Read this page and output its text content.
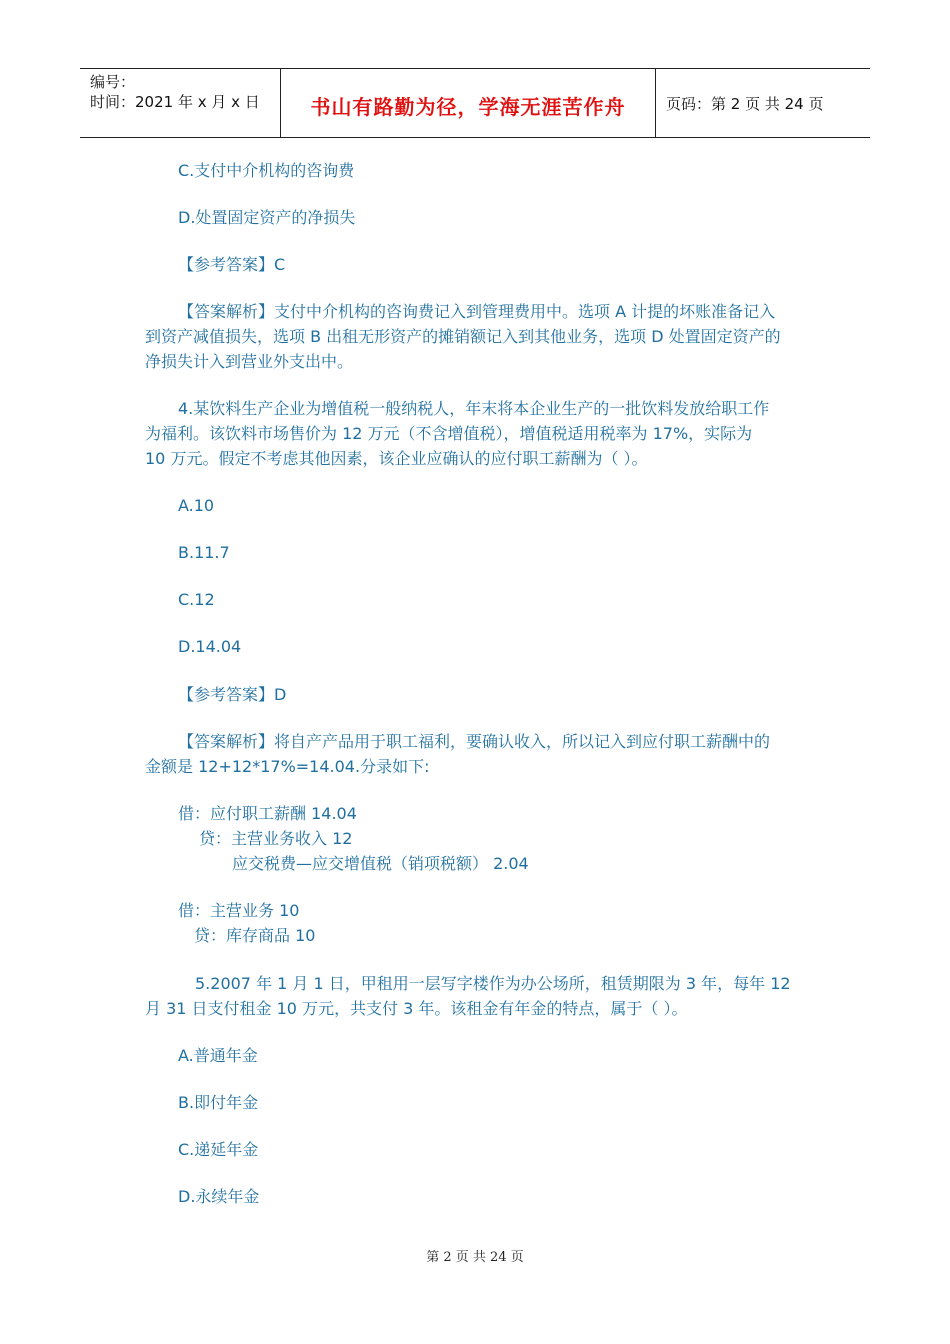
编号：
时间：2021 年 x 月 x 日	书山有路勤为径，学海无涯苦作舟	页码：第 2 页 共 24 页
C.支付中介机构的咨询费
D.处置固定资产的净损失
【参考答案】C
【答案解析】支付中介机构的咨询费记入到管理费用中。选项 A 计提的坏账准备记入
到资产减值损失，选项 B 出租无形资产的摊销额记入到其他业务，选项 D 处置固定资产的
净损失计入到营业外支出中。
4.某饮料生产企业为增值税一般纳税人，年末将本企业生产的一批饮料发放给职工作
为福利。该饮料市场售价为 12 万元（不含增值税），增值税适用税率为 17%，实际为
10 万元。假定不考虑其他因素，该企业应确认的应付职工薪酬为（ ）。
A.10
B.11.7
C.12
D.14.04
【参考答案】D
【答案解析】将自产产品用于职工福利，要确认收入，所以记入到应付职工薪酬中的
金额是 12+12*17%=14.04.分录如下:
借：应付职工薪酬 14.04
贷：主营业务收入 12
应交税费—应交增值税（销项税额） 2.04
借：主营业务 10
贷：库存商品 10
5.2007 年 1 月 1 日，甲租用一层写字楼作为办公场所，租赁期限为 3 年，每年 12
月 31 日支付租金 10 万元，共支付 3 年。该租金有年金的特点，属于（ ）。
A.普通年金
B.即付年金
C.递延年金
D.永续年金
第 2 页 共 24 页
